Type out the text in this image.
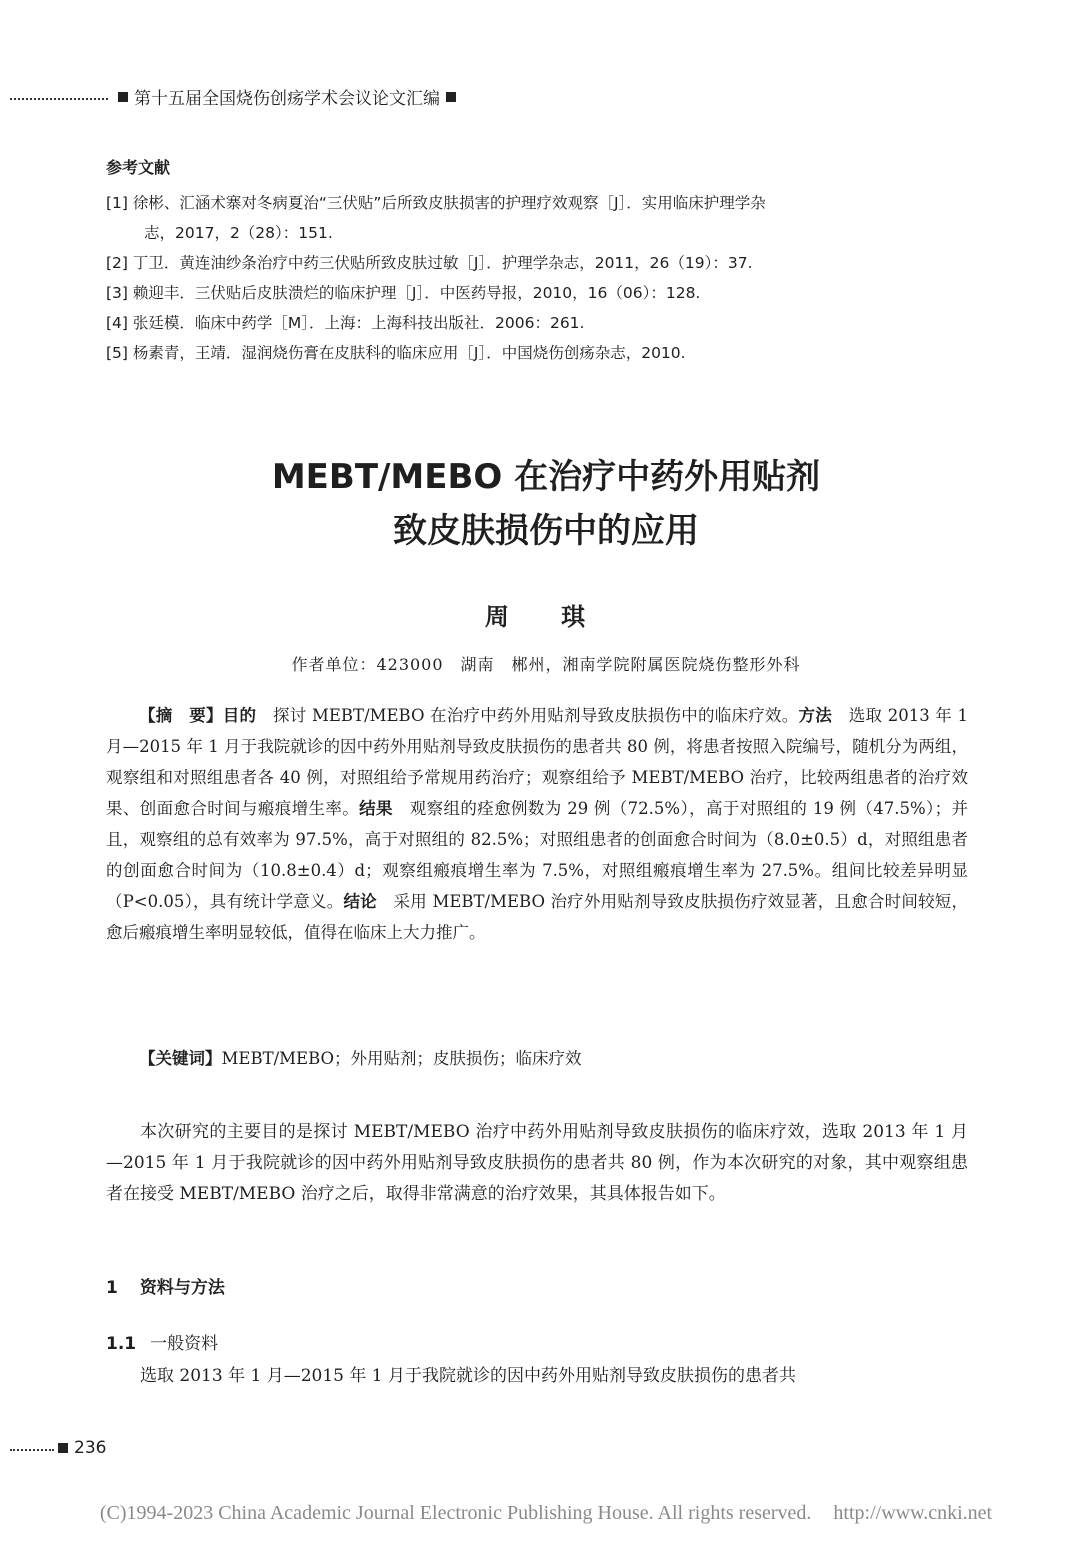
第十五届全国烧伤创疡学术会议论文汇编
参考文献
[1] 徐彬、汇涵术寨对冬病夏治“三伏贴”后所致皮肤损害的护理疗效观察［J］．实用临床护理学杂
志，2017，2（28）：151.
[2] 丁卫．黄连油纱条治疗中药三伏贴所致皮肤过敏［J］．护理学杂志，2011，26（19）：37.
[3] 赖迎丰．三伏贴后皮肤溃烂的临床护理［J］．中医药导报，2010，16（06）：128.
[4] 张廷模．临床中药学［M］．上海：上海科技出版社．2006：261.
[5] 杨素青，王靖．湿润烧伤膏在皮肤科的临床应用［J］．中国烧伤创疡杂志，2010.
MEBT/MEBO 在治疗中药外用贴剂
致皮肤损伤中的应用
周 琪
作者单位：423000　湖南　郴州，湘南学院附属医院烧伤整形外科

【摘　要】目的　探讨 MEBT/MEBO 在治疗中药外用贴剂导致皮肤损伤中的临床疗效。方法　选取 2013 年 1 月—2015 年 1 月于我院就诊的因中药外用贴剂导致皮肤损伤的患者共 80 例，将患者按照入院编号，随机分为两组，观察组和对照组患者各 40 例，对照组给予常规用药治疗；观察组给予 MEBT/MEBO 治疗，比较两组患者的治疗效果、创面愈合时间与瘢痕增生率。结果　观察组的痊愈例数为 29 例（72.5%），高于对照组的 19 例（47.5%）；并且，观察组的总有效率为 97.5%，高于对照组的 82.5%；对照组患者的创面愈合时间为（8.0±0.5）d，对照组患者的创面愈合时间为（10.8±0.4）d；观察组瘢痕增生率为 7.5%，对照组瘢痕增生率为 27.5%。组间比较差异明显（P<0.05），具有统计学意义。结论　采用 MEBT/MEBO 治疗外用贴剂导致皮肤损伤疗效显著，且愈合时间较短，愈后瘢痕增生率明显较低，值得在临床上大力推广。

【关键词】MEBT/MEBO；外用贴剂；皮肤损伤；临床疗效
本次研究的主要目的是探讨 MEBT/MEBO 治疗中药外用贴剂导致皮肤损伤的临床疗效，选取 2013 年 1 月—2015 年 1 月于我院就诊的因中药外用贴剂导致皮肤损伤的患者共 80 例，作为本次研究的对象，其中观察组患者在接受 MEBT/MEBO 治疗之后，取得非常满意的治疗效果，其具体报告如下。
1 资料与方法
1.1 一般资料
选取 2013 年 1 月—2015 年 1 月于我院就诊的因中药外用贴剂导致皮肤损伤的患者共
236
(C)1994-2023 China Academic Journal Electronic Publishing House. All rights reserved. http://www.cnki.net
